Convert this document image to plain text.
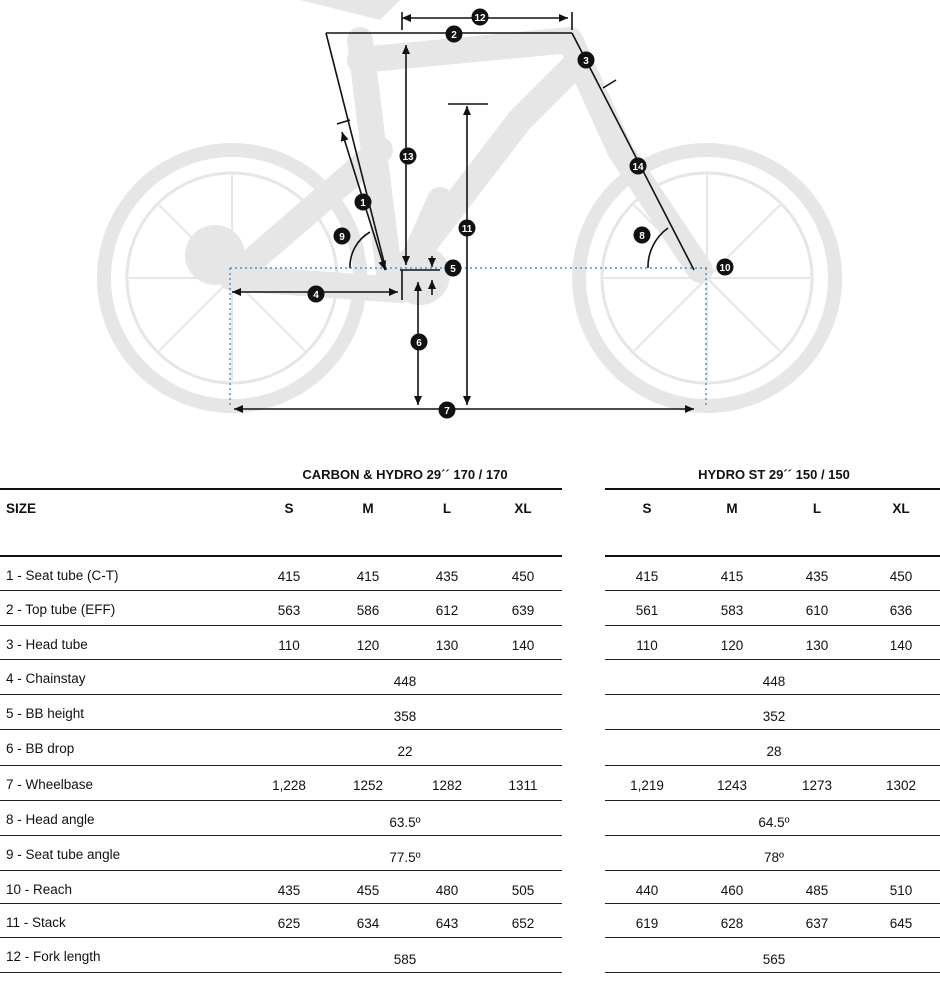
12
2
3
13
14
1
11
9	8
5	10
4
6
7
CARBON & HYDRO 29´´ 170 / 170	HYDRO ST 29´´ 150 / 150
SIZE	S	M	L	XL	S	M	L	XL
1 - Seat tube (C-T)	415	415	435	450	415	415	435	450
2 - Top tube (EFF)	563	586	612	639	561	583	610	636
3 - Head tube	110	120	130	140	110	120	130	140
4 - Chainstay	448	448
5 - BB height	358	352
6 - BB drop	22	28
7 - Wheelbase	1,228	1252	1282	1311	1,219	1243	1273	1302
8 - Head angle	63.5º	64.5º
9 - Seat tube angle	77.5º	78º
10 - Reach	435	455	480	505	440	460	485	510
11 - Stack	625	634	643	652	619	628	637	645
12 - Fork length	585	565
